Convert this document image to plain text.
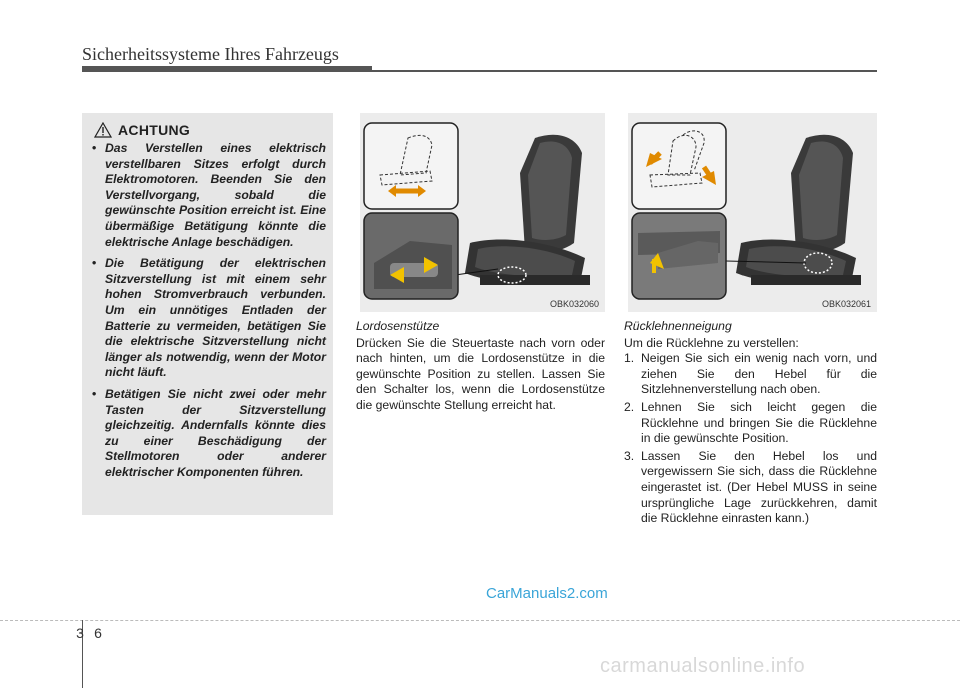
Sicherheitssysteme Ihres Fahrzeugs
ACHTUNG
• Das Verstellen eines elektrisch verstellbaren Sitzes erfolgt durch Elektromotoren. Beenden Sie den Verstellvorgang, sobald die gewünschte Position erreicht ist. Eine übermäßige Betätigung könnte die elektrische Anlage beschädigen.
• Die Betätigung der elektrischen Sitzverstellung ist mit einem sehr hohen Stromverbrauch verbunden. Um ein unnötiges Entladen der Batterie zu vermeiden, betätigen Sie die elektrische Sitzverstellung nicht länger als notwendig, wenn der Motor nicht läuft.
• Betätigen Sie nicht zwei oder mehr Tasten der Sitzverstellung gleichzeitig. Andernfalls könnte dies zu einer Beschädigung der Stellmotoren oder anderer elektrischer Komponenten führen.
OBK032060	OBK032061
Lordosenstütze

Drücken Sie die Steuertaste nach vorn oder nach hinten, um die Lordosenstütze in die gewünschte Position zu stellen. Lassen Sie den Schalter los, wenn die Lordosenstütze die gewünschte Stellung erreicht hat.

Rücklehnenneigung

Um die Rücklehne zu verstellen:

1. Neigen Sie sich ein wenig nach vorn, und ziehen Sie den Hebel für die Sitzlehnenverstellung nach oben.
2. Lehnen Sie sich leicht gegen die Rücklehne und bringen Sie die Rücklehne in die gewünschte Position.
3. Lassen Sie den Hebel los und vergewissern Sie sich, dass die Rücklehne eingerastet ist. (Der Hebel MUSS in seine ursprüngliche Lage zurückkehren, damit die Rücklehne einrasten kann.)
CarManuals2.com
3 6
carmanualsonline.info
